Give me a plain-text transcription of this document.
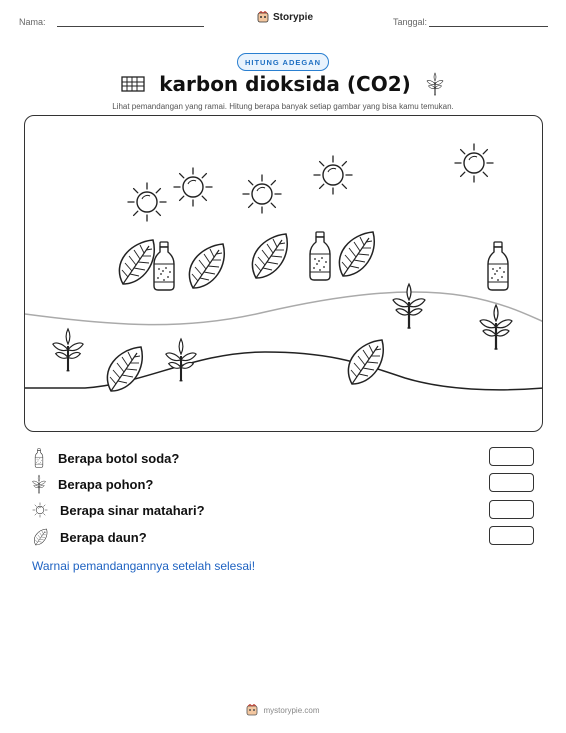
Nama:	Storypie	Tanggal:
HITUNG ADEGAN
karbon dioksida (CO2)
Lihat pemandangan yang ramai. Hitung berapa banyak setiap gambar yang bisa kamu temukan.
Berapa botol soda?
Berapa pohon?
Berapa sinar matahari?
Berapa daun?
Warnai pemandangannya setelah selesai!
mystorypie.com
